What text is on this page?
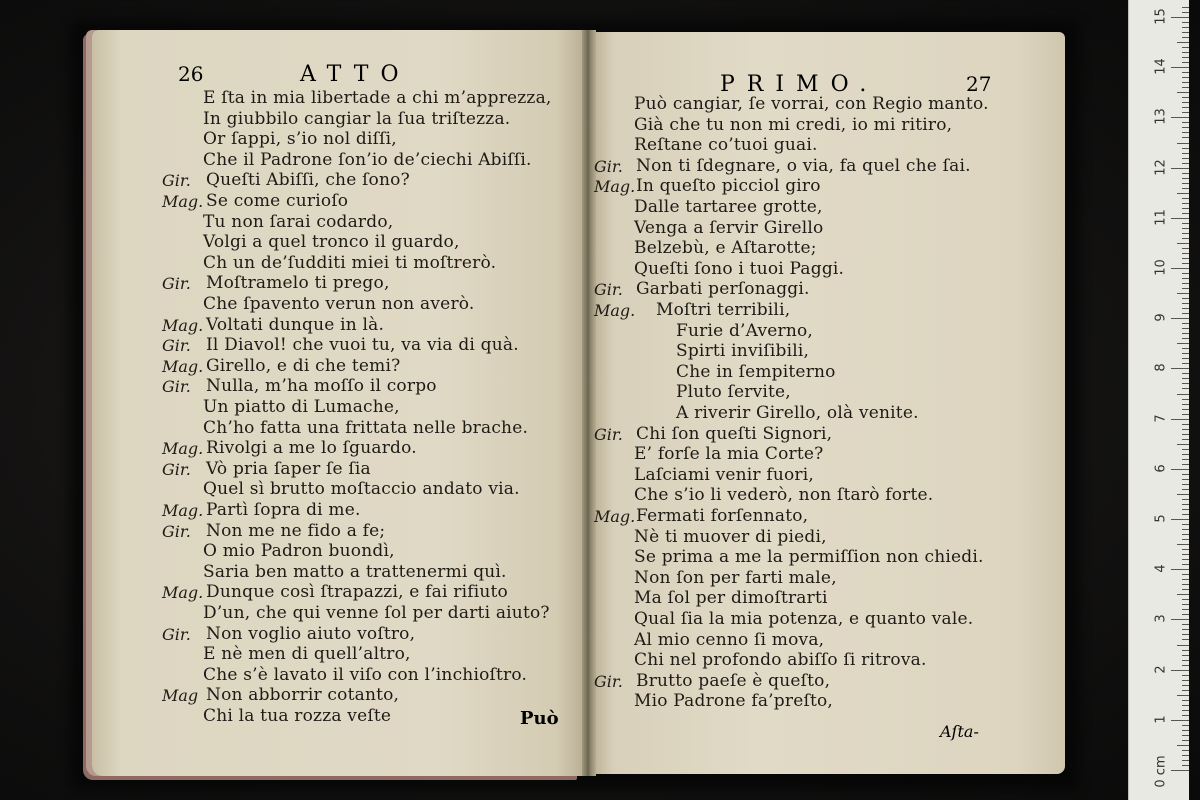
26	ATTO
E ſta in mia libertade a chi m’apprezza,
In giubbilo cangiar la ſua triſtezza.
Or ſappi, s’io nol diſſi,
Che il Padrone ſon’io de’ciechi Abiſſi.
Gir. Queſti Abiſſi, che ſono?
Mag. Se come curioſo
Tu non ſarai codardo,
Volgi a quel tronco il guardo,
Ch un de’ſudditi miei ti moſtrerò.
Gir. Moſtramelo ti prego,
Che ſpavento verun non averò.
Mag. Voltati dunque in là.
Gir. Il Diavol! che vuoi tu, va via di quà.
Mag. Girello, e di che temi?
Gir. Nulla, m’ha moſſo il corpo
Un piatto di Lumache,
Ch’ho fatta una frittata nelle brache.
Mag. Rivolgi a me lo ſguardo.
Gir. Vò pria ſaper ſe ſia
Quel sì brutto moſtaccio andato via.
Mag. Partì ſopra di me.
Gir. Non me ne fido a fe;
O mio Padron buondì,
Saria ben matto a trattenermi quì.
Mag. Dunque così ſtrapazzi, e fai rifiuto
D’un, che qui venne ſol per darti aiuto?
Gir. Non voglio aiuto voſtro,
E nè men di quell’altro,
Che s’è lavato il viſo con l’inchioſtro.
Mag Non abborrir cotanto,
Chi la tua rozza veſte	Può
PRIMO.	27
Può cangiar, ſe vorrai, con Regio manto.
Già che tu non mi credi, io mi ritiro,
Reſtane co’tuoi guai.
Gir. Non ti ſdegnare, o via, fa quel che ſai.
Mag. In queſto picciol giro
Dalle tartaree grotte,
Venga a ſervir Girello
Belzebù, e Aſtarotte;
Queſti ſono i tuoi Paggi.
Gir. Garbati perſonaggi.
Mag. Moſtri terribili,
Furie d’Averno,
Spirti inviſibili,
Che in ſempiterno
Pluto ſervite,
A riverir Girello, olà venite.
Gir. Chi ſon queſti Signori,
E’ forſe la mia Corte?
Laſciami venir fuori,
Che s’io li vederò, non ſtarò forte.
Mag. Fermati forſennato,
Nè ti muover di piedi,
Se prima a me la permiſſion non chiedi.
Non ſon per farti male,
Ma ſol per dimoſtrarti
Qual ſia la mia potenza, e quanto vale.
Al mio cenno ſi mova,
Chi nel profondo abiſſo ſi ritrova.
Gir. Brutto paeſe è queſto,
Mio Padrone fa’preſto,
Aſta-
0 cm
1
2
3
4
5
6
7
8
9
10
11
12
13
14
15
